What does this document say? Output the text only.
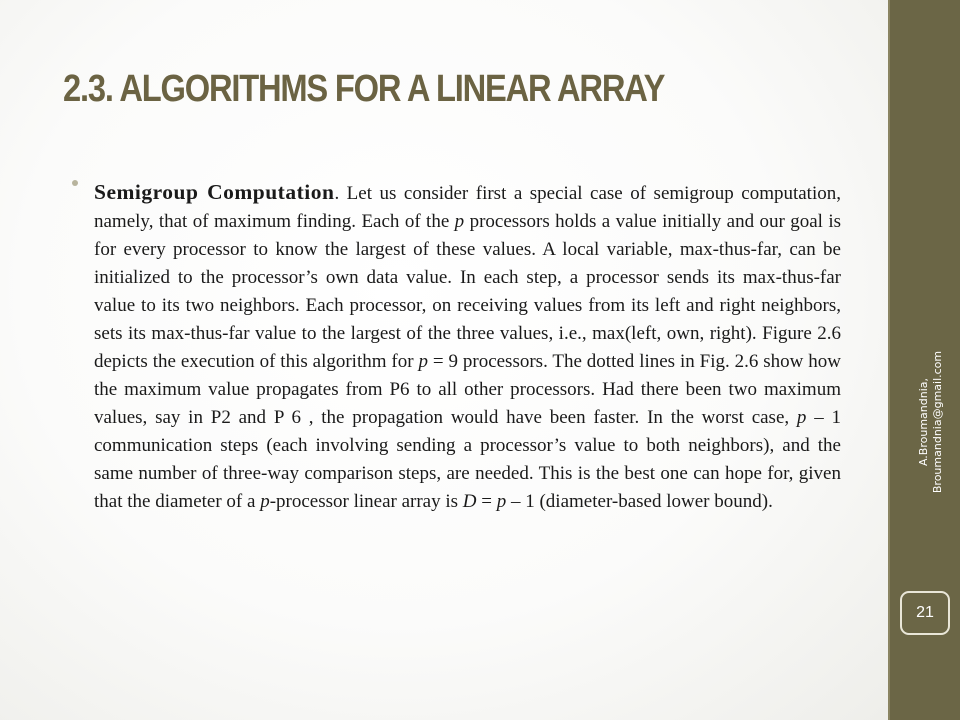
2.3. ALGORITHMS FOR A LINEAR ARRAY
Semigroup Computation. Let us consider first a special case of semigroup computation, namely, that of maximum finding. Each of the p processors holds a value initially and our goal is for every processor to know the largest of these values. A local variable, max-thus-far, can be initialized to the processor’s own data value. In each step, a processor sends its max-thus-far value to its two neighbors. Each processor, on receiving values from its left and right neighbors, sets its max-thus-far value to the largest of the three values, i.e., max(left, own, right). Figure 2.6 depicts the execution of this algorithm for p = 9 processors. The dotted lines in Fig. 2.6 show how the maximum value propagates from P6 to all other processors. Had there been two maximum values, say in P2 and P 6 , the propagation would have been faster. In the worst case, p – 1 communication steps (each involving sending a processor’s value to both neighbors), and the same number of three-way comparison steps, are needed. This is the best one can hope for, given that the diameter of a p-processor linear array is D = p – 1 (diameter-based lower bound).
A.Broumandnia, Broumandnia@gmail.com
21
